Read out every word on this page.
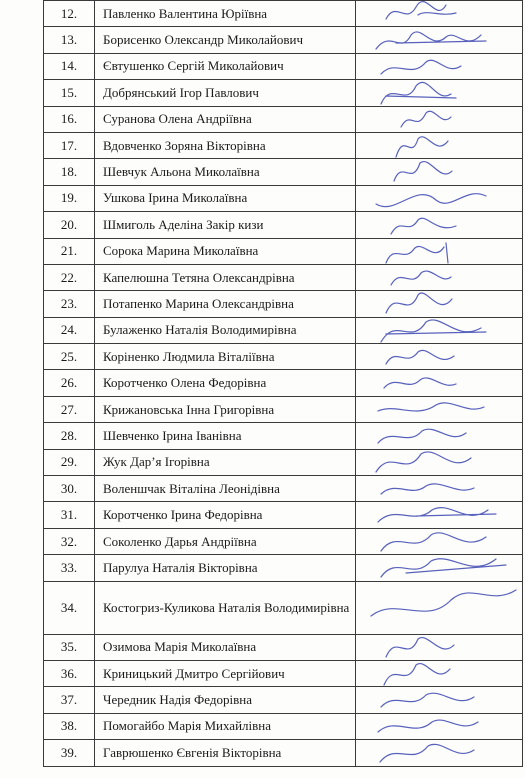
12.	Павленко Валентина Юріївна	

13.	Борисенко Олександр Миколайович	

14.	Євтушенко Сергій Миколайович	

15.	Добрянський Ігор Павлович	

16.	Суранова Олена Андріївна	

17.	Вдовченко Зоряна Вікторівна	

18.	Шевчук Альона Миколаївна	

19.	Ушкова Ірина Миколаївна	

20.	Шмиголь Аделіна Закір кизи	

21.	Сорока Марина Миколаївна	

22.	Капелюшна Тетяна Олександрівна	

23.	Потапенко Марина Олександрівна	

24.	Булаженко Наталія Володимирівна	

25.	Коріненко Людмила Віталіївна	

26.	Коротченко Олена Федорівна	

27.	Крижановська Інна Григорівна	

28.	Шевченко Ірина Іванівна	

29.	Жук Дар’я Ігорівна	

30.	Воленшчак Віталіна Леонідівна	

31.	Коротченко Ірина Федорівна	

32.	Соколенко Дарья Андріївна	

33.	Парулуа Наталія Вікторівна	

34.	Костогриз-Куликова Наталія Володимирівна	

35.	Озимова Марія Миколаївна	

36.	Криницький Дмитро Сергійович	

37.	Чередник Надія Федорівна	

38.	Помогайбо Марія Михайлівна	

39.	Гаврюшенко Євгенія Вікторівна	
